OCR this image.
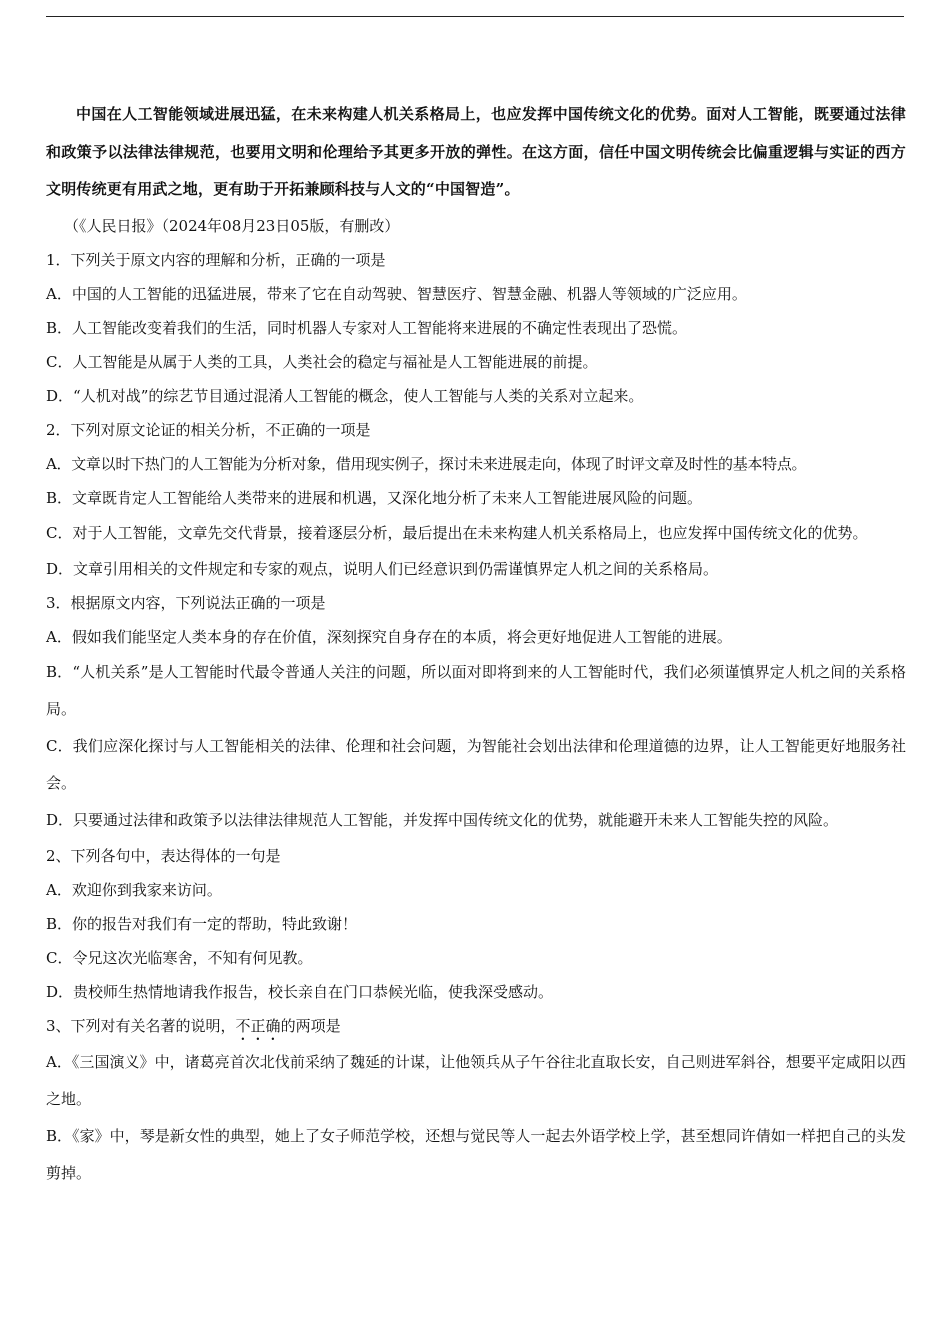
中国在人工智能领域进展迅猛，在未来构建人机关系格局上，也应发挥中国传统文化的优势。面对人工智能，既要通过法律和政策予以法律法律规范，也要用文明和伦理给予其更多开放的弹性。在这方面，信任中国文明传统会比偏重逻辑与实证的西方文明传统更有用武之地，更有助于开拓兼顾科技与人文的“中国智造”。

（《人民日报》（2024年08月23日05版，有删改）

1．下列关于原文内容的理解和分析，正确的一项是

A．中国的人工智能的迅猛进展，带来了它在自动驾驶、智慧医疗、智慧金融、机器人等领域的广泛应用。

B．人工智能改变着我们的生活，同时机器人专家对人工智能将来进展的不确定性表现出了恐慌。

C．人工智能是从属于人类的工具，人类社会的稳定与福祉是人工智能进展的前提。

D．“人机对战”的综艺节目通过混淆人工智能的概念，使人工智能与人类的关系对立起来。

2．下列对原文论证的相关分析，不正确的一项是

A．文章以时下热门的人工智能为分析对象，借用现实例子，探讨未来进展走向，体现了时评文章及时性的基本特点。

B．文章既肯定人工智能给人类带来的进展和机遇，又深化地分析了未来人工智能进展风险的问题。

C．对于人工智能，文章先交代背景，接着逐层分析，最后提出在未来构建人机关系格局上，也应发挥中国传统文化的优势。

D．文章引用相关的文件规定和专家的观点，说明人们已经意识到仍需谨慎界定人机之间的关系格局。

3．根据原文内容，下列说法正确的一项是

A．假如我们能坚定人类本身的存在价值，深刻探究自身存在的本质，将会更好地促进人工智能的进展。

B．“人机关系”是人工智能时代最令普通人关注的问题，所以面对即将到来的人工智能时代，我们必须谨慎界定人机之间的关系格局。

C．我们应深化探讨与人工智能相关的法律、伦理和社会问题，为智能社会划出法律和伦理道德的边界，让人工智能更好地服务社会。

D．只要通过法律和政策予以法律法律规范人工智能，并发挥中国传统文化的优势，就能避开未来人工智能失控的风险。

2、下列各句中，表达得体的一句是

A．欢迎你到我家来访问。

B．你的报告对我们有一定的帮助，特此致谢！

C．令兄这次光临寒舍，不知有何见教。

D．贵校师生热情地请我作报告，校长亲自在门口恭候光临，使我深受感动。

3、下列对有关名著的说明，不正确的两项是

A．《三国演义》中，诸葛亮首次北伐前采纳了魏延的计谋，让他领兵从子午谷往北直取长安，自己则进军斜谷，想要平定咸阳以西之地。

B．《家》中，琴是新女性的典型，她上了女子师范学校，还想与觉民等人一起去外语学校上学，甚至想同许倩如一样把自己的头发剪掉。
